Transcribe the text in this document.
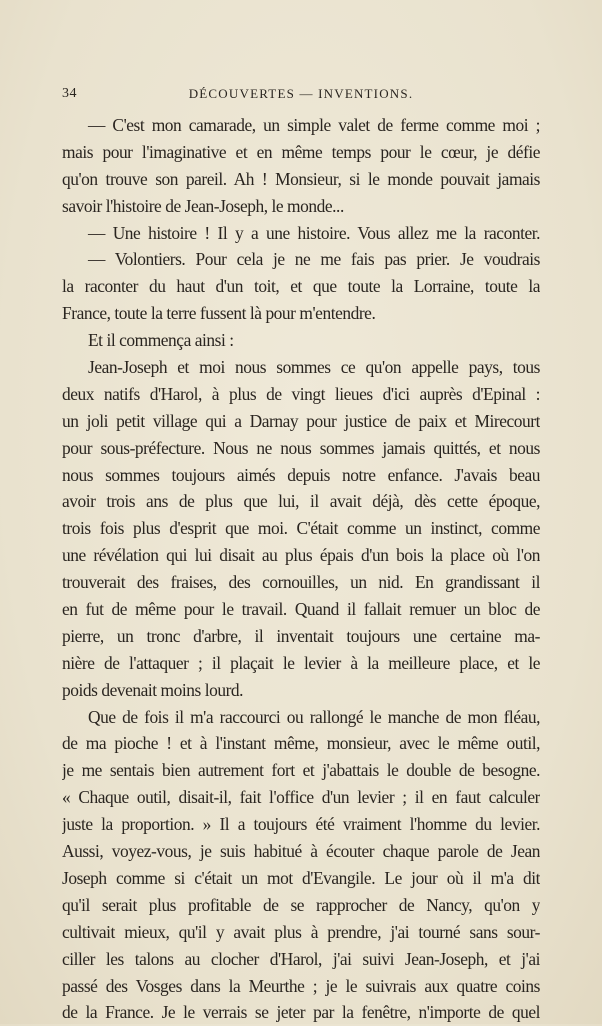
34	DÉCOUVERTES — INVENTIONS.
— C'est mon camarade, un simple valet de ferme comme moi ;
mais pour l'imaginative et en même temps pour le cœur, je défie
qu'on trouve son pareil. Ah ! Monsieur, si le monde pouvait jamais
savoir l'histoire de Jean-Joseph, le monde...
— Une histoire ! Il y a une histoire. Vous allez me la raconter.
— Volontiers. Pour cela je ne me fais pas prier. Je voudrais
la raconter du haut d'un toit, et que toute la Lorraine, toute la
France, toute la terre fussent là pour m'entendre.
Et il commença ainsi :
Jean-Joseph et moi nous sommes ce qu'on appelle pays, tous
deux natifs d'Harol, à plus de vingt lieues d'ici auprès d'Epinal :
un joli petit village qui a Darnay pour justice de paix et Mirecourt
pour sous-préfecture. Nous ne nous sommes jamais quittés, et nous
nous sommes toujours aimés depuis notre enfance. J'avais beau
avoir trois ans de plus que lui, il avait déjà, dès cette époque,
trois fois plus d'esprit que moi. C'était comme un instinct, comme
une révélation qui lui disait au plus épais d'un bois la place où l'on
trouverait des fraises, des cornouilles, un nid. En grandissant il
en fut de même pour le travail. Quand il fallait remuer un bloc de
pierre, un tronc d'arbre, il inventait toujours une certaine ma-
nière de l'attaquer ; il plaçait le levier à la meilleure place, et le
poids devenait moins lourd.
Que de fois il m'a raccourci ou rallongé le manche de mon fléau,
de ma pioche ! et à l'instant même, monsieur, avec le même outil,
je me sentais bien autrement fort et j'abattais le double de besogne.
« Chaque outil, disait-il, fait l'office d'un levier ; il en faut calculer
juste la proportion. » Il a toujours été vraiment l'homme du levier.
Aussi, voyez-vous, je suis habitué à écouter chaque parole de Jean
Joseph comme si c'était un mot d'Evangile. Le jour où il m'a dit
qu'il serait plus profitable de se rapprocher de Nancy, qu'on y
cultivait mieux, qu'il y avait plus à prendre, j'ai tourné sans sour-
ciller les talons au clocher d'Harol, j'ai suivi Jean-Joseph, et j'ai
passé des Vosges dans la Meurthe ; je le suivrais aux quatre coins
de la France. Je le verrais se jeter par la fenêtre, n'importe de quel
